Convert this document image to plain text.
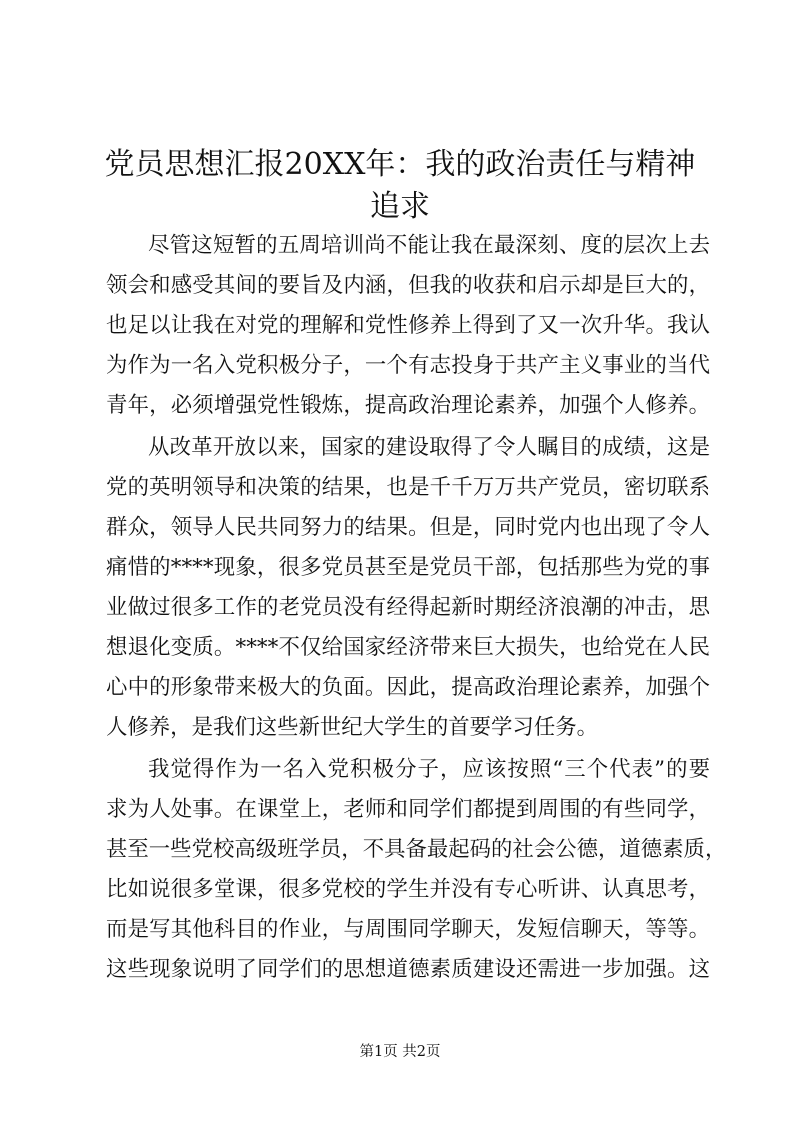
党员思想汇报20XX年：我的政治责任与精神
追求
尽管这短暂的五周培训尚不能让我在最深刻、度的层次上去
领会和感受其间的要旨及内涵，但我的收获和启示却是巨大的，
也足以让我在对党的理解和党性修养上得到了又一次升华。我认
为作为一名入党积极分子，一个有志投身于共产主义事业的当代
青年，必须增强党性锻炼，提高政治理论素养，加强个人修养。
从改革开放以来，国家的建设取得了令人瞩目的成绩，这是
党的英明领导和决策的结果，也是千千万万共产党员，密切联系
群众，领导人民共同努力的结果。但是，同时党内也出现了令人
痛惜的****现象，很多党员甚至是党员干部，包括那些为党的事
业做过很多工作的老党员没有经得起新时期经济浪潮的冲击，思
想退化变质。****不仅给国家经济带来巨大损失，也给党在人民
心中的形象带来极大的负面。因此，提高政治理论素养，加强个
人修养，是我们这些新世纪大学生的首要学习任务。
我觉得作为一名入党积极分子，应该按照“三个代表”的要
求为人处事。在课堂上，老师和同学们都提到周围的有些同学，
甚至一些党校高级班学员，不具备最起码的社会公德，道德素质，
比如说很多堂课，很多党校的学生并没有专心听讲、认真思考，
而是写其他科目的作业，与周围同学聊天，发短信聊天，等等。
这些现象说明了同学们的思想道德素质建设还需进一步加强。这
第1页 共2页
